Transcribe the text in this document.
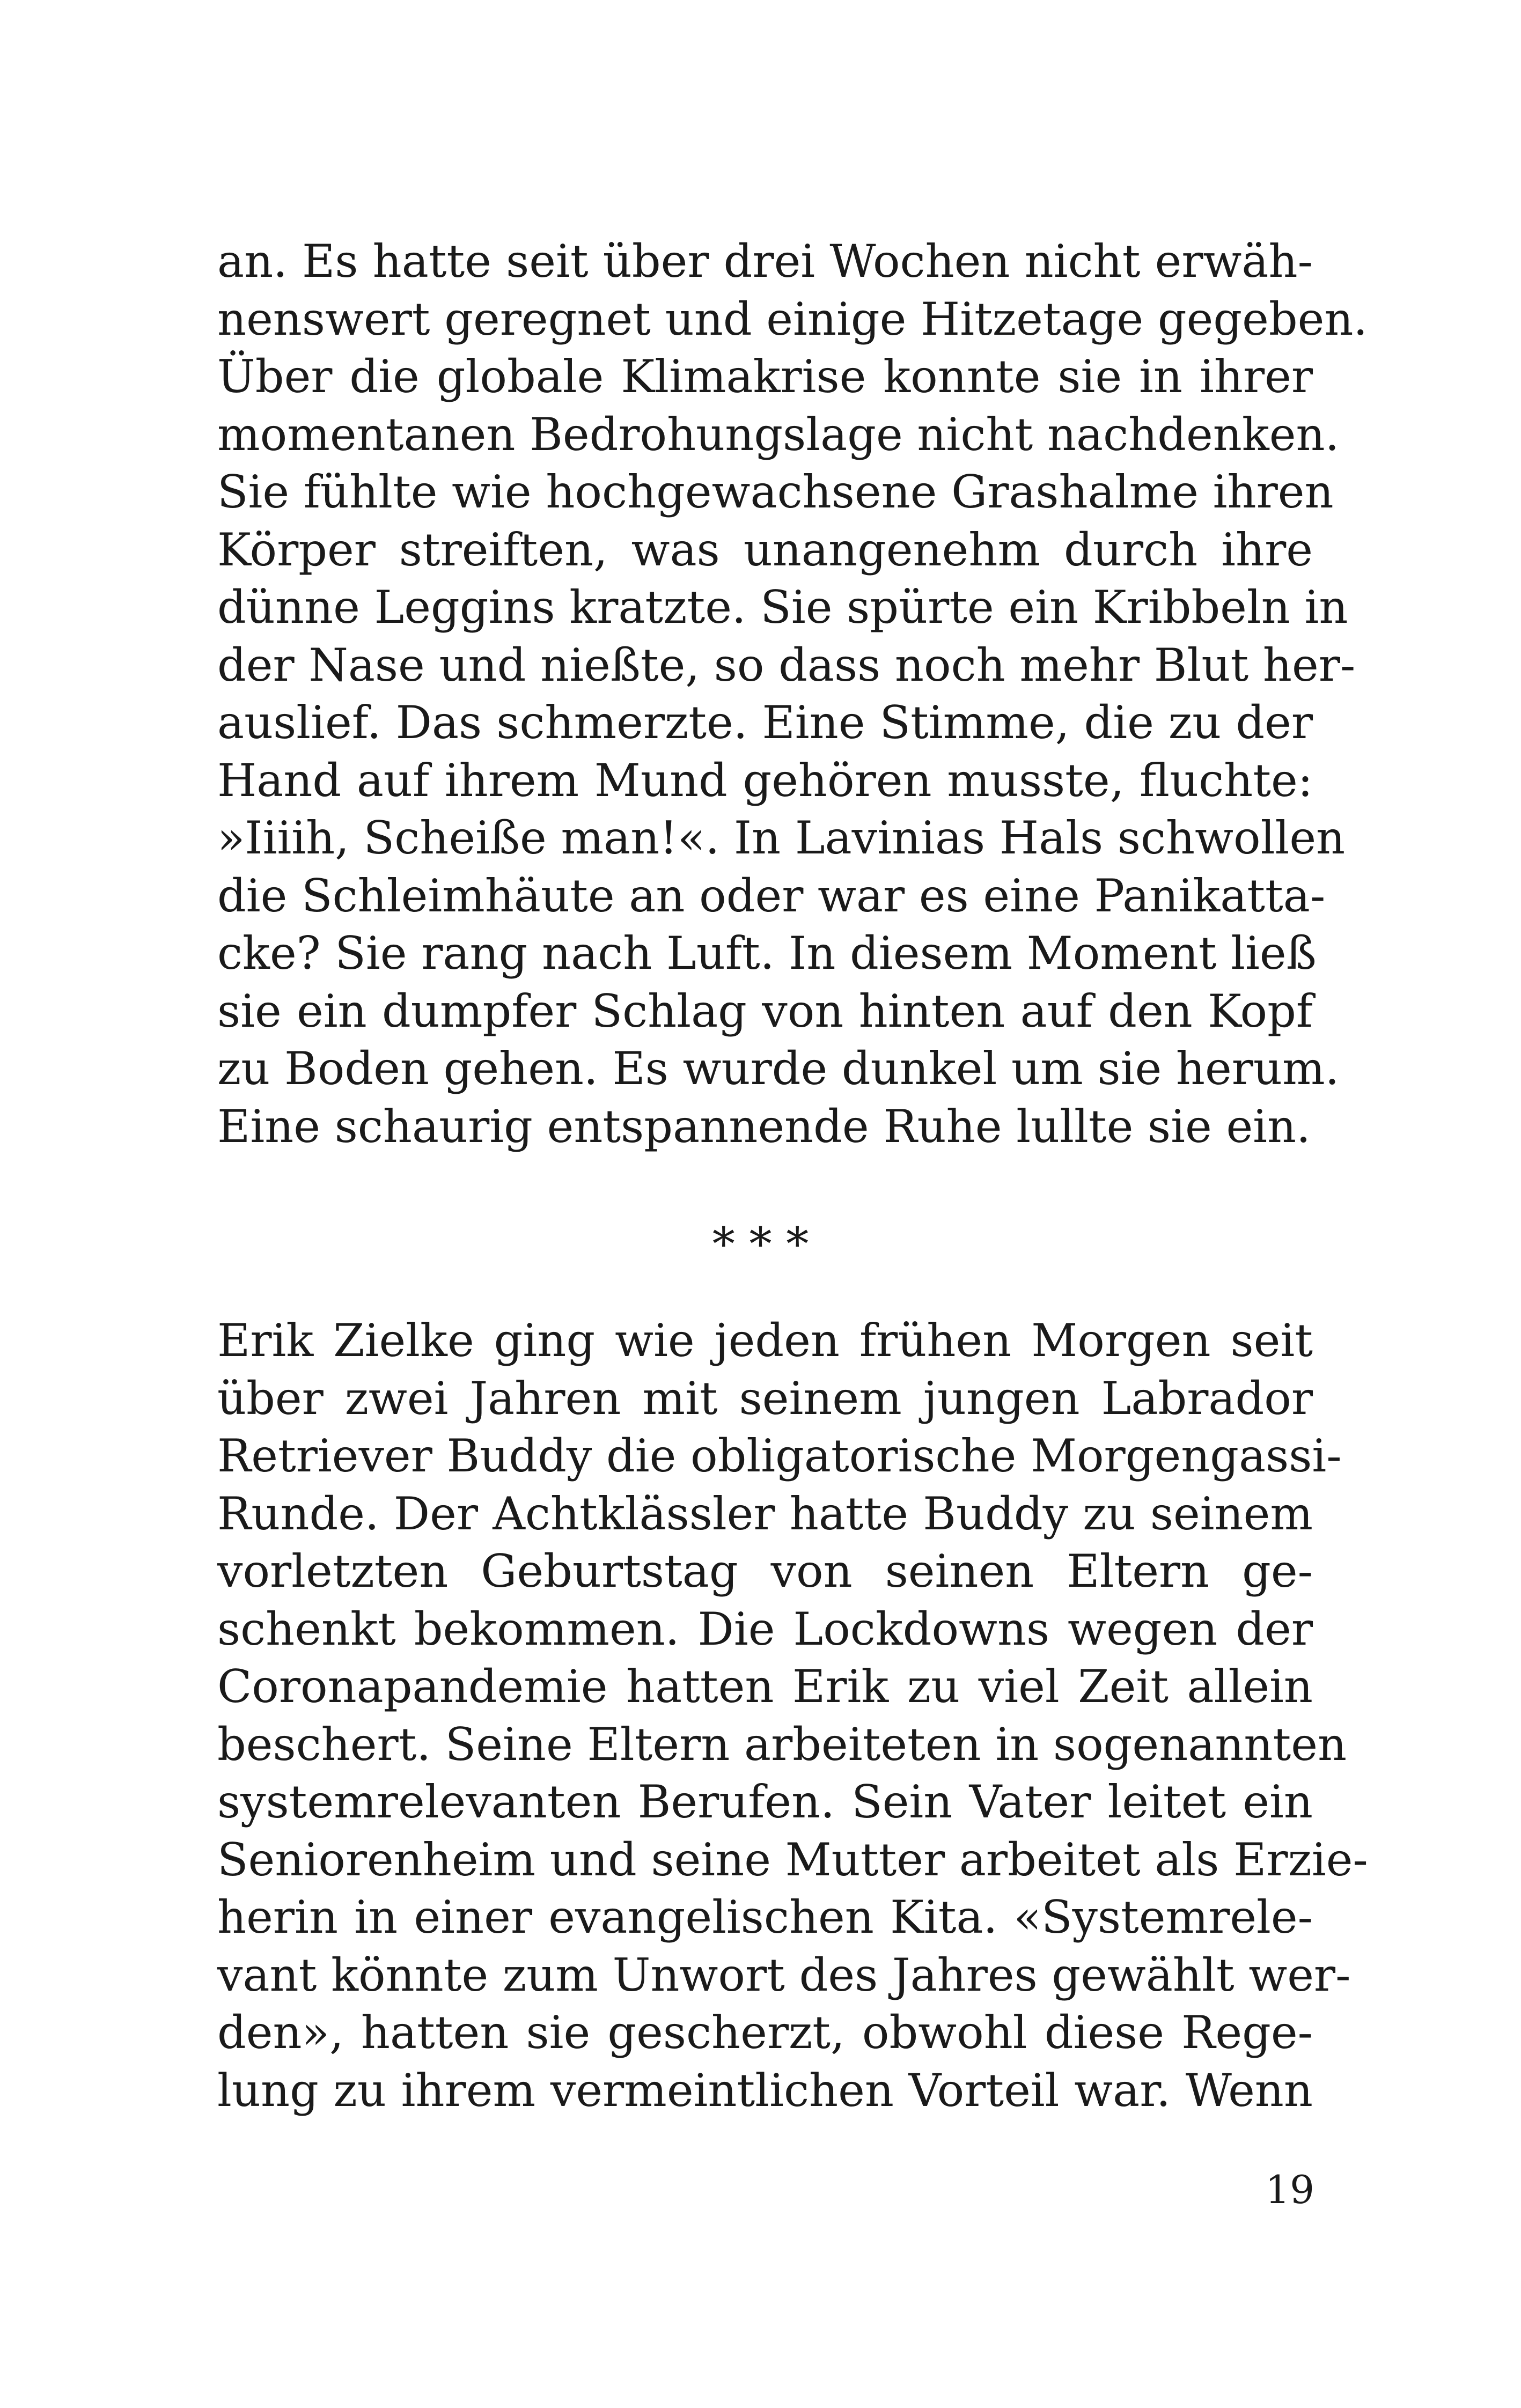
an. Es hatte seit über drei Wochen nicht erwäh-
nenswert geregnet und einige Hitzetage gegeben.
Über die globale Klimakrise konnte sie in ihrer
momentanen Bedrohungslage nicht nachdenken.
Sie fühlte wie hochgewachsene Grashalme ihren
Körper streiften, was unangenehm durch ihre
dünne Leggins kratzte. Sie spürte ein Kribbeln in
der Nase und nießte, so dass noch mehr Blut her-
auslief. Das schmerzte. Eine Stimme, die zu der
Hand auf ihrem Mund gehören musste, fluchte:
»Iiiih, Scheiße man!«. In Lavinias Hals schwollen
die Schleimhäute an oder war es eine Panikatta-
cke? Sie rang nach Luft. In diesem Moment ließ
sie ein dumpfer Schlag von hinten auf den Kopf
zu Boden gehen. Es wurde dunkel um sie herum.
Eine schaurig entspannende Ruhe lullte sie ein.
* * *
Erik Zielke ging wie jeden frühen Morgen seit
über zwei Jahren mit seinem jungen Labrador
Retriever Buddy die obligatorische Morgengassi-
Runde. Der Achtklässler hatte Buddy zu seinem
vorletzten Geburtstag von seinen Eltern ge-
schenkt bekommen. Die Lockdowns wegen der
Coronapandemie hatten Erik zu viel Zeit allein
beschert. Seine Eltern arbeiteten in sogenannten
systemrelevanten Berufen. Sein Vater leitet ein
Seniorenheim und seine Mutter arbeitet als Erzie-
herin in einer evangelischen Kita. «Systemrele-
vant könnte zum Unwort des Jahres gewählt wer-
den», hatten sie gescherzt, obwohl diese Rege-
lung zu ihrem vermeintlichen Vorteil war. Wenn
19
